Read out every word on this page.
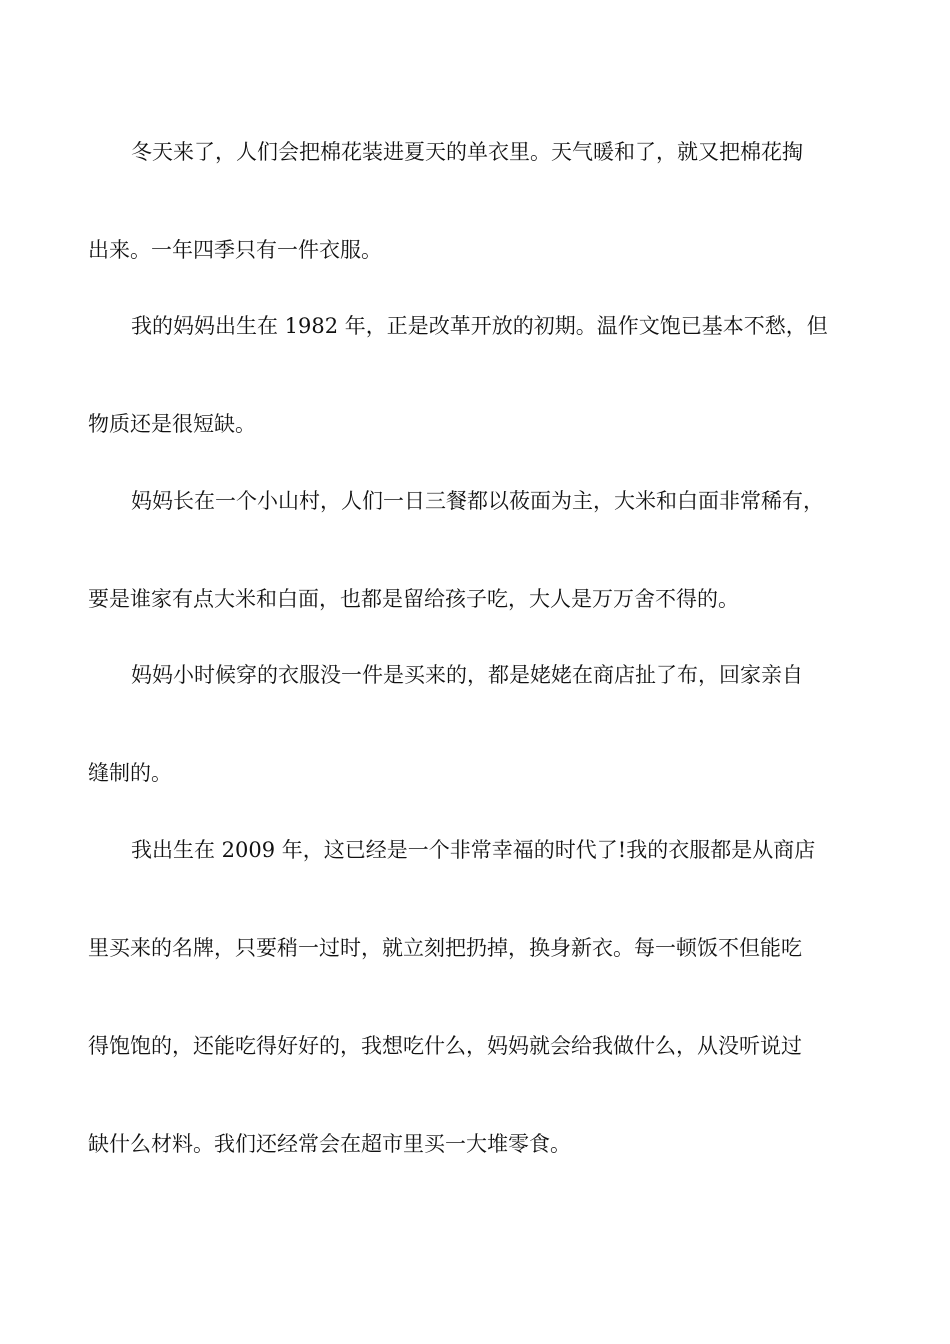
冬天来了，人们会把棉花装进夏天的单衣里。天气暖和了，就又把棉花掏
出来。一年四季只有一件衣服。
我的妈妈出生在 1982 年，正是改革开放的初期。温作文饱已基本不愁，但
物质还是很短缺。
妈妈长在一个小山村，人们一日三餐都以莜面为主，大米和白面非常稀有，
要是谁家有点大米和白面，也都是留给孩子吃，大人是万万舍不得的。
妈妈小时候穿的衣服没一件是买来的，都是姥姥在商店扯了布，回家亲自
缝制的。
我出生在 2009 年，这已经是一个非常幸福的时代了!我的衣服都是从商店
里买来的名牌，只要稍一过时，就立刻把扔掉，换身新衣。每一顿饭不但能吃
得饱饱的，还能吃得好好的，我想吃什么，妈妈就会给我做什么，从没听说过
缺什么材料。我们还经常会在超市里买一大堆零食。
